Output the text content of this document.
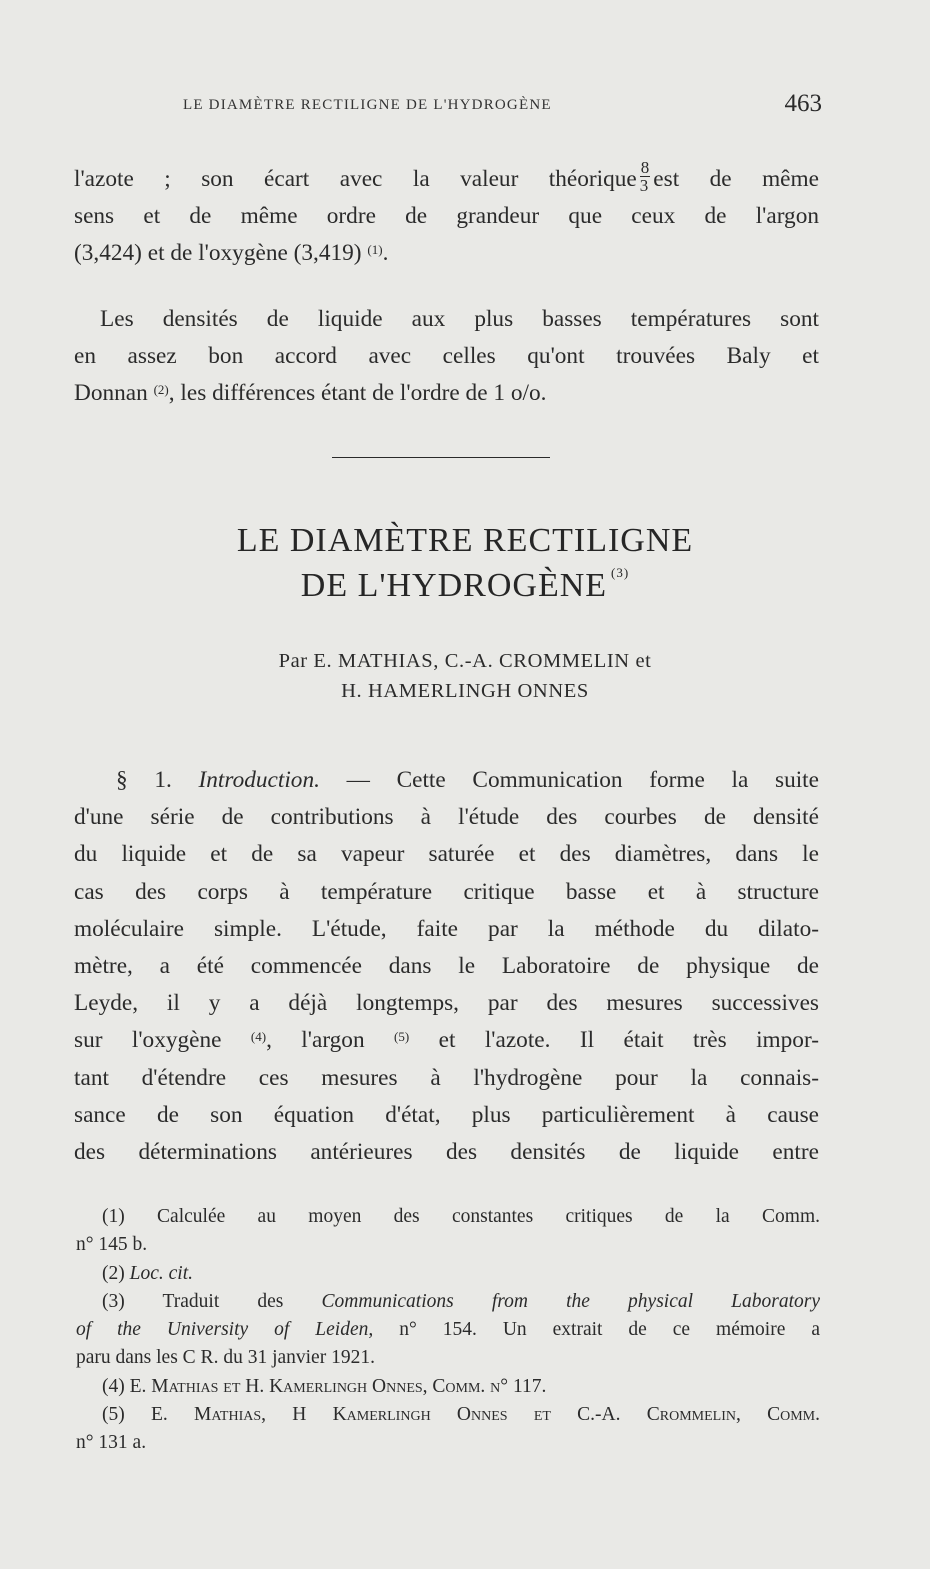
LE DIAMÈTRE RECTILIGNE DE L'HYDROGÈNE	463
l'azote ; son écart avec la valeur théorique $\frac{8}{3}$ est de même
sens et de même ordre de grandeur que ceux de l'argon
(3,424) et de l'oxygène (3,419) $^{(1)}$.
Les densités de liquide aux plus basses températures sont
en assez bon accord avec celles qu'ont trouvées Baly et
Donnan $^{(2)}$, les différences étant de l'ordre de 1 o/o.
LE DIAMÈTRE RECTILIGNE
DE L'HYDROGÈNE $^{(3)}$
Par E. MATHIAS, C.-A. CROMMELIN et
H. HAMERLINGH ONNES
§ 1. Introduction. — Cette Communication forme la suite
d'une série de contributions à l'étude des courbes de densité
du liquide et de sa vapeur saturée et des diamètres, dans le
cas des corps à température critique basse et à structure
moléculaire simple. L'étude, faite par la méthode du dilato-
mètre, a été commencée dans le Laboratoire de physique de
Leyde, il y a déjà longtemps, par des mesures successives
sur l'oxygène $^{(4)}$, l'argon $^{(5)}$ et l'azote. Il était très impor-
tant d'étendre ces mesures à l'hydrogène pour la connais-
sance de son équation d'état, plus particulièrement à cause
des déterminations antérieures des densités de liquide entre
(1) Calculée au moyen des constantes critiques de la Comm.
n° 145 b.
(2) Loc. cit.
(3) Traduit des Communications from the physical Laboratory
of the University of Leiden, n° 154. Un extrait de ce mémoire a
paru dans les C R. du 31 janvier 1921.
(4) E. Mathias et H. Kamerlingh Onnes, Comm. n° 117.
(5) E. Mathias, H Kamerlingh Onnes et C.-A. Crommelin, Comm.
n° 131 a.
